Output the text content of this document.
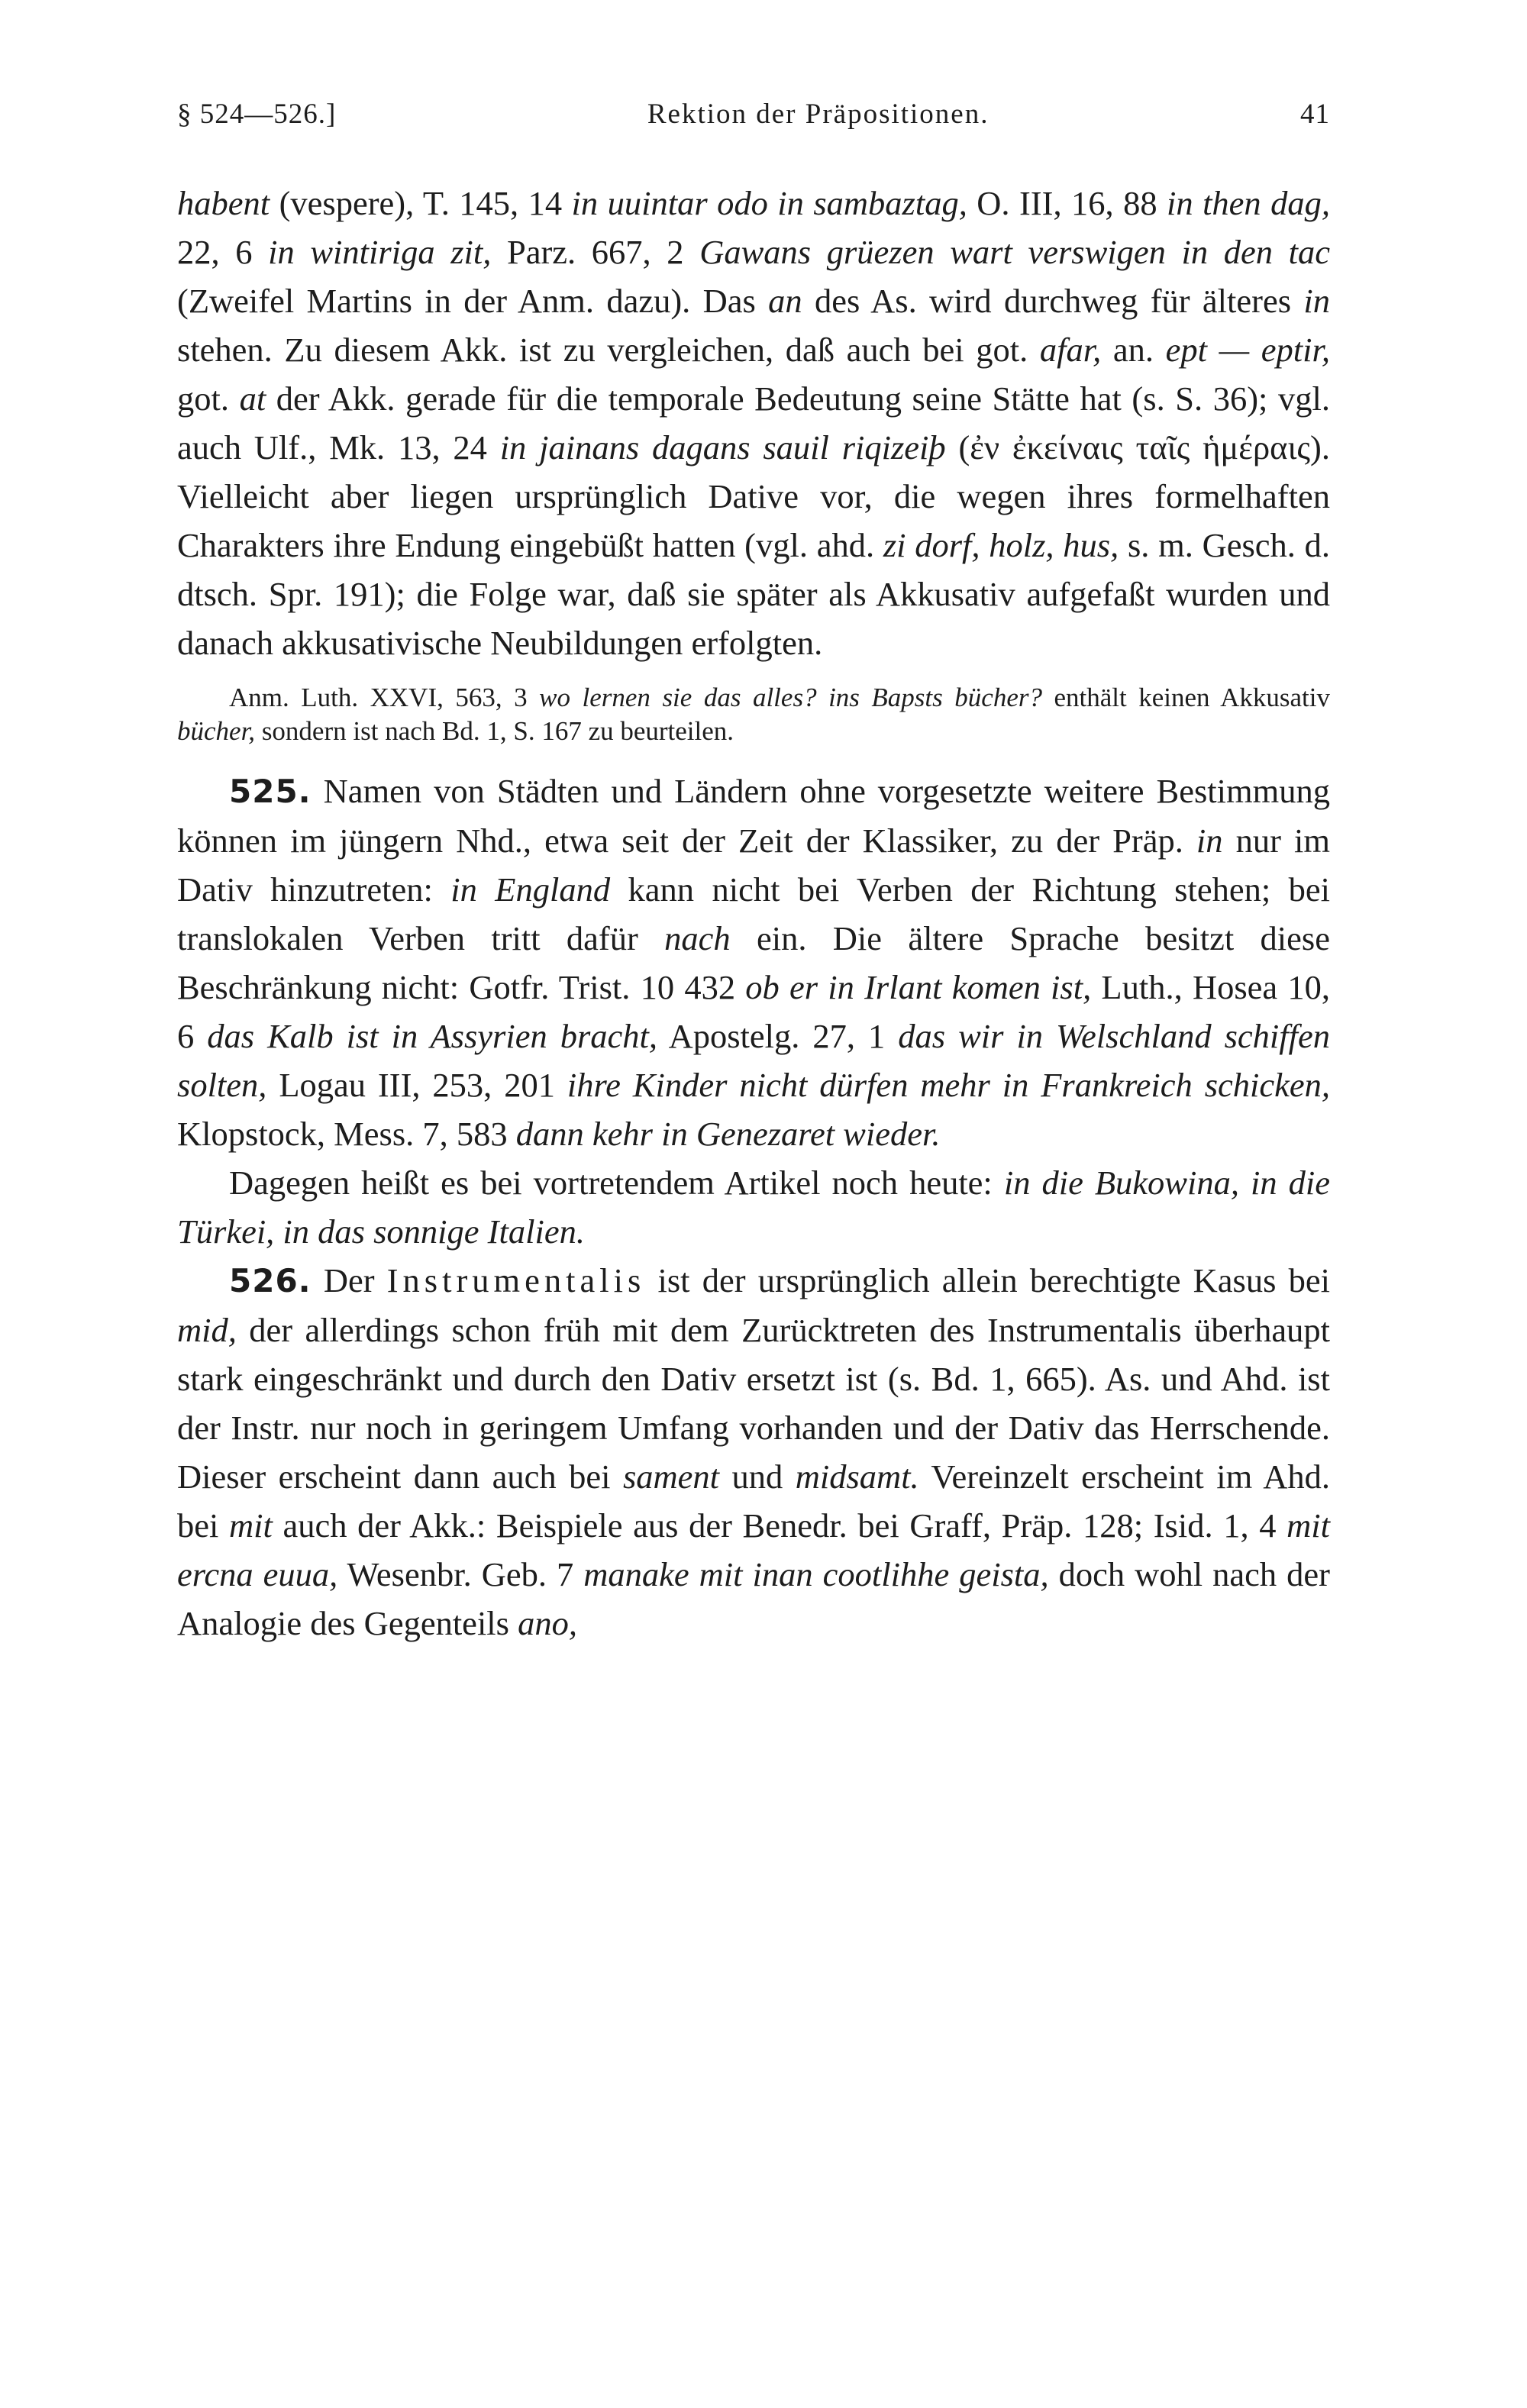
§ 524—526.]	Rektion der Präpositionen.	41

habent (vespere), T. 145, 14 in uuintar odo in sambaztag, O. III, 16, 88 in then dag, 22, 6 in wintiriga zit, Parz. 667, 2 Gawans grüezen wart verswigen in den tac (Zweifel Martins in der Anm. dazu). Das an des As. wird durchweg für älteres in stehen. Zu diesem Akk. ist zu vergleichen, daß auch bei got. afar, an. ept — eptir, got. at der Akk. gerade für die temporale Bedeutung seine Stätte hat (s. S. 36); vgl. auch Ulf., Mk. 13, 24 in jainans dagans sauil riqizeiþ (ἐν ἐκείναις ταῖς ἡμέραις). Vielleicht aber liegen ursprünglich Dative vor, die wegen ihres formelhaften Charakters ihre Endung eingebüßt hatten (vgl. ahd. zi dorf, holz, hus, s. m. Gesch. d. dtsch. Spr. 191); die Folge war, daß sie später als Akkusativ aufgefaßt wurden und danach akkusativische Neubildungen erfolgten.

Anm. Luth. XXVI, 563, 3 wo lernen sie das alles? ins Bapsts bücher? enthält keinen Akkusativ bücher, sondern ist nach Bd. 1, S. 167 zu beurteilen.

525. Namen von Städten und Ländern ohne vorgesetzte weitere Bestimmung können im jüngern Nhd., etwa seit der Zeit der Klassiker, zu der Präp. in nur im Dativ hinzutreten: in England kann nicht bei Verben der Richtung stehen; bei translokalen Verben tritt dafür nach ein. Die ältere Sprache besitzt diese Beschränkung nicht: Gotfr. Trist. 10 432 ob er in Irlant komen ist, Luth., Hosea 10, 6 das Kalb ist in Assyrien bracht, Apostelg. 27, 1 das wir in Welschland schiffen solten, Logau III, 253, 201 ihre Kinder nicht dürfen mehr in Frankreich schicken, Klopstock, Mess. 7, 583 dann kehr in Genezaret wieder.

Dagegen heißt es bei vortretendem Artikel noch heute: in die Bukowina, in die Türkei, in das sonnige Italien.

526. Der Instrumentalis ist der ursprünglich allein berechtigte Kasus bei mid, der allerdings schon früh mit dem Zurücktreten des Instrumentalis überhaupt stark eingeschränkt und durch den Dativ ersetzt ist (s. Bd. 1, 665). As. und Ahd. ist der Instr. nur noch in geringem Umfang vorhanden und der Dativ das Herrschende. Dieser erscheint dann auch bei sament und midsamt. Vereinzelt erscheint im Ahd. bei mit auch der Akk.: Beispiele aus der Benedr. bei Graff, Präp. 128; Isid. 1, 4 mit ercna euua, Wesenbr. Geb. 7 manake mit inan cootlihhe geista, doch wohl nach der Analogie des Gegenteils ano,
